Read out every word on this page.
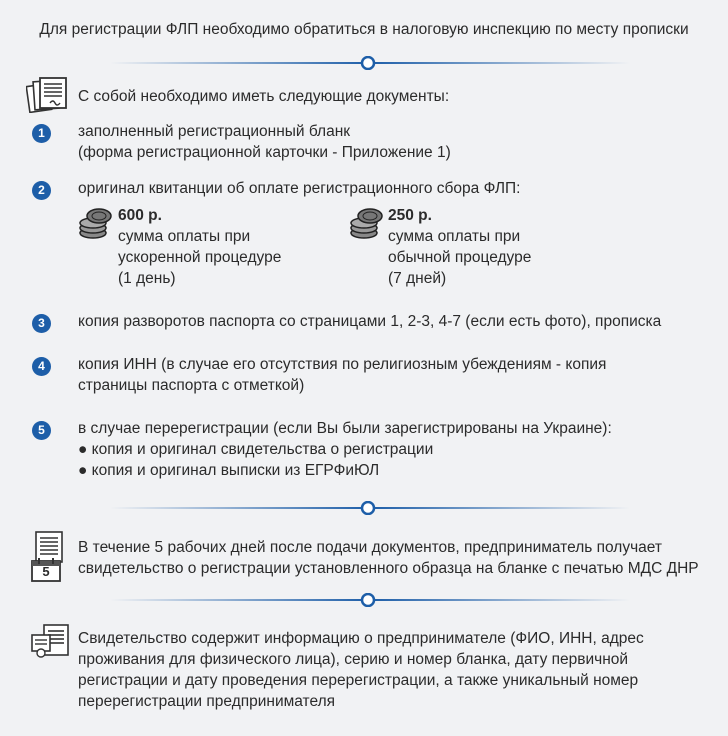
Для регистрации ФЛП необходимо обратиться в налоговую инспекцию по месту прописки
С собой необходимо иметь следующие документы:
1	заполненный регистрационный бланк
(форма регистрационной карточки - Приложение 1)
2	оригинал квитанции об оплате регистрационного сбора ФЛП:
600 р.
сумма оплаты при
ускоренной процедуре
(1 день)
250 р.
сумма оплаты при
обычной процедуре
(7 дней)
3	копия разворотов паспорта со страницами 1, 2-3, 4-7 (если есть фото), прописка
4	копия ИНН (в случае его отсутствия по религиозным убеждениям - копия
страницы паспорта с отметкой)
5	в случае перерегистрации (если Вы были зарегистрированы на Украине):
● копия и оригинал свидетельства о регистрации
● копия и оригинал выписки из ЕГРФиЮЛ
5
В течение 5 рабочих дней после подачи документов, предприниматель получает
свидетельство о регистрации установленного образца на бланке с печатью МДС ДНР
Свидетельство содержит информацию о предпринимателе (ФИО, ИНН, адрес
проживания для физического лица), серию и номер бланка, дату первичной
регистрации и дату проведения перерегистрации, а также уникальный номер
перерегистрации предпринимателя
